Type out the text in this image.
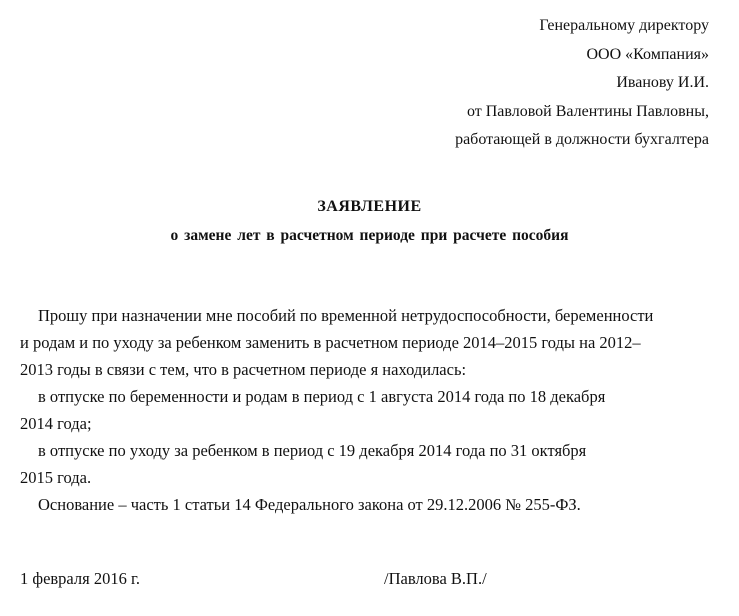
Генеральному директору
ООО «Компания»
Иванову И.И.
от Павловой Валентины Павловны,
работающей в должности бухгалтера
ЗАЯВЛЕНИЕ
о замене лет в расчетном периоде при расчете пособия
Прошу при назначении мне пособий по временной нетрудоспособности, беременности
и родам и по уходу за ребенком заменить в расчетном периоде 2014–2015 годы на 2012–
2013 годы в связи с тем, что в расчетном периоде я находилась:
в отпуске по беременности и родам в период с 1 августа 2014 года по 18 декабря
2014 года;
в отпуске по уходу за ребенком в период с 19 декабря 2014 года по 31 октября
2015 года.
Основание – часть 1 статьи 14 Федерального закона от 29.12.2006 № 255-ФЗ.
1 февраля 2016 г.	/Павлова В.П./
